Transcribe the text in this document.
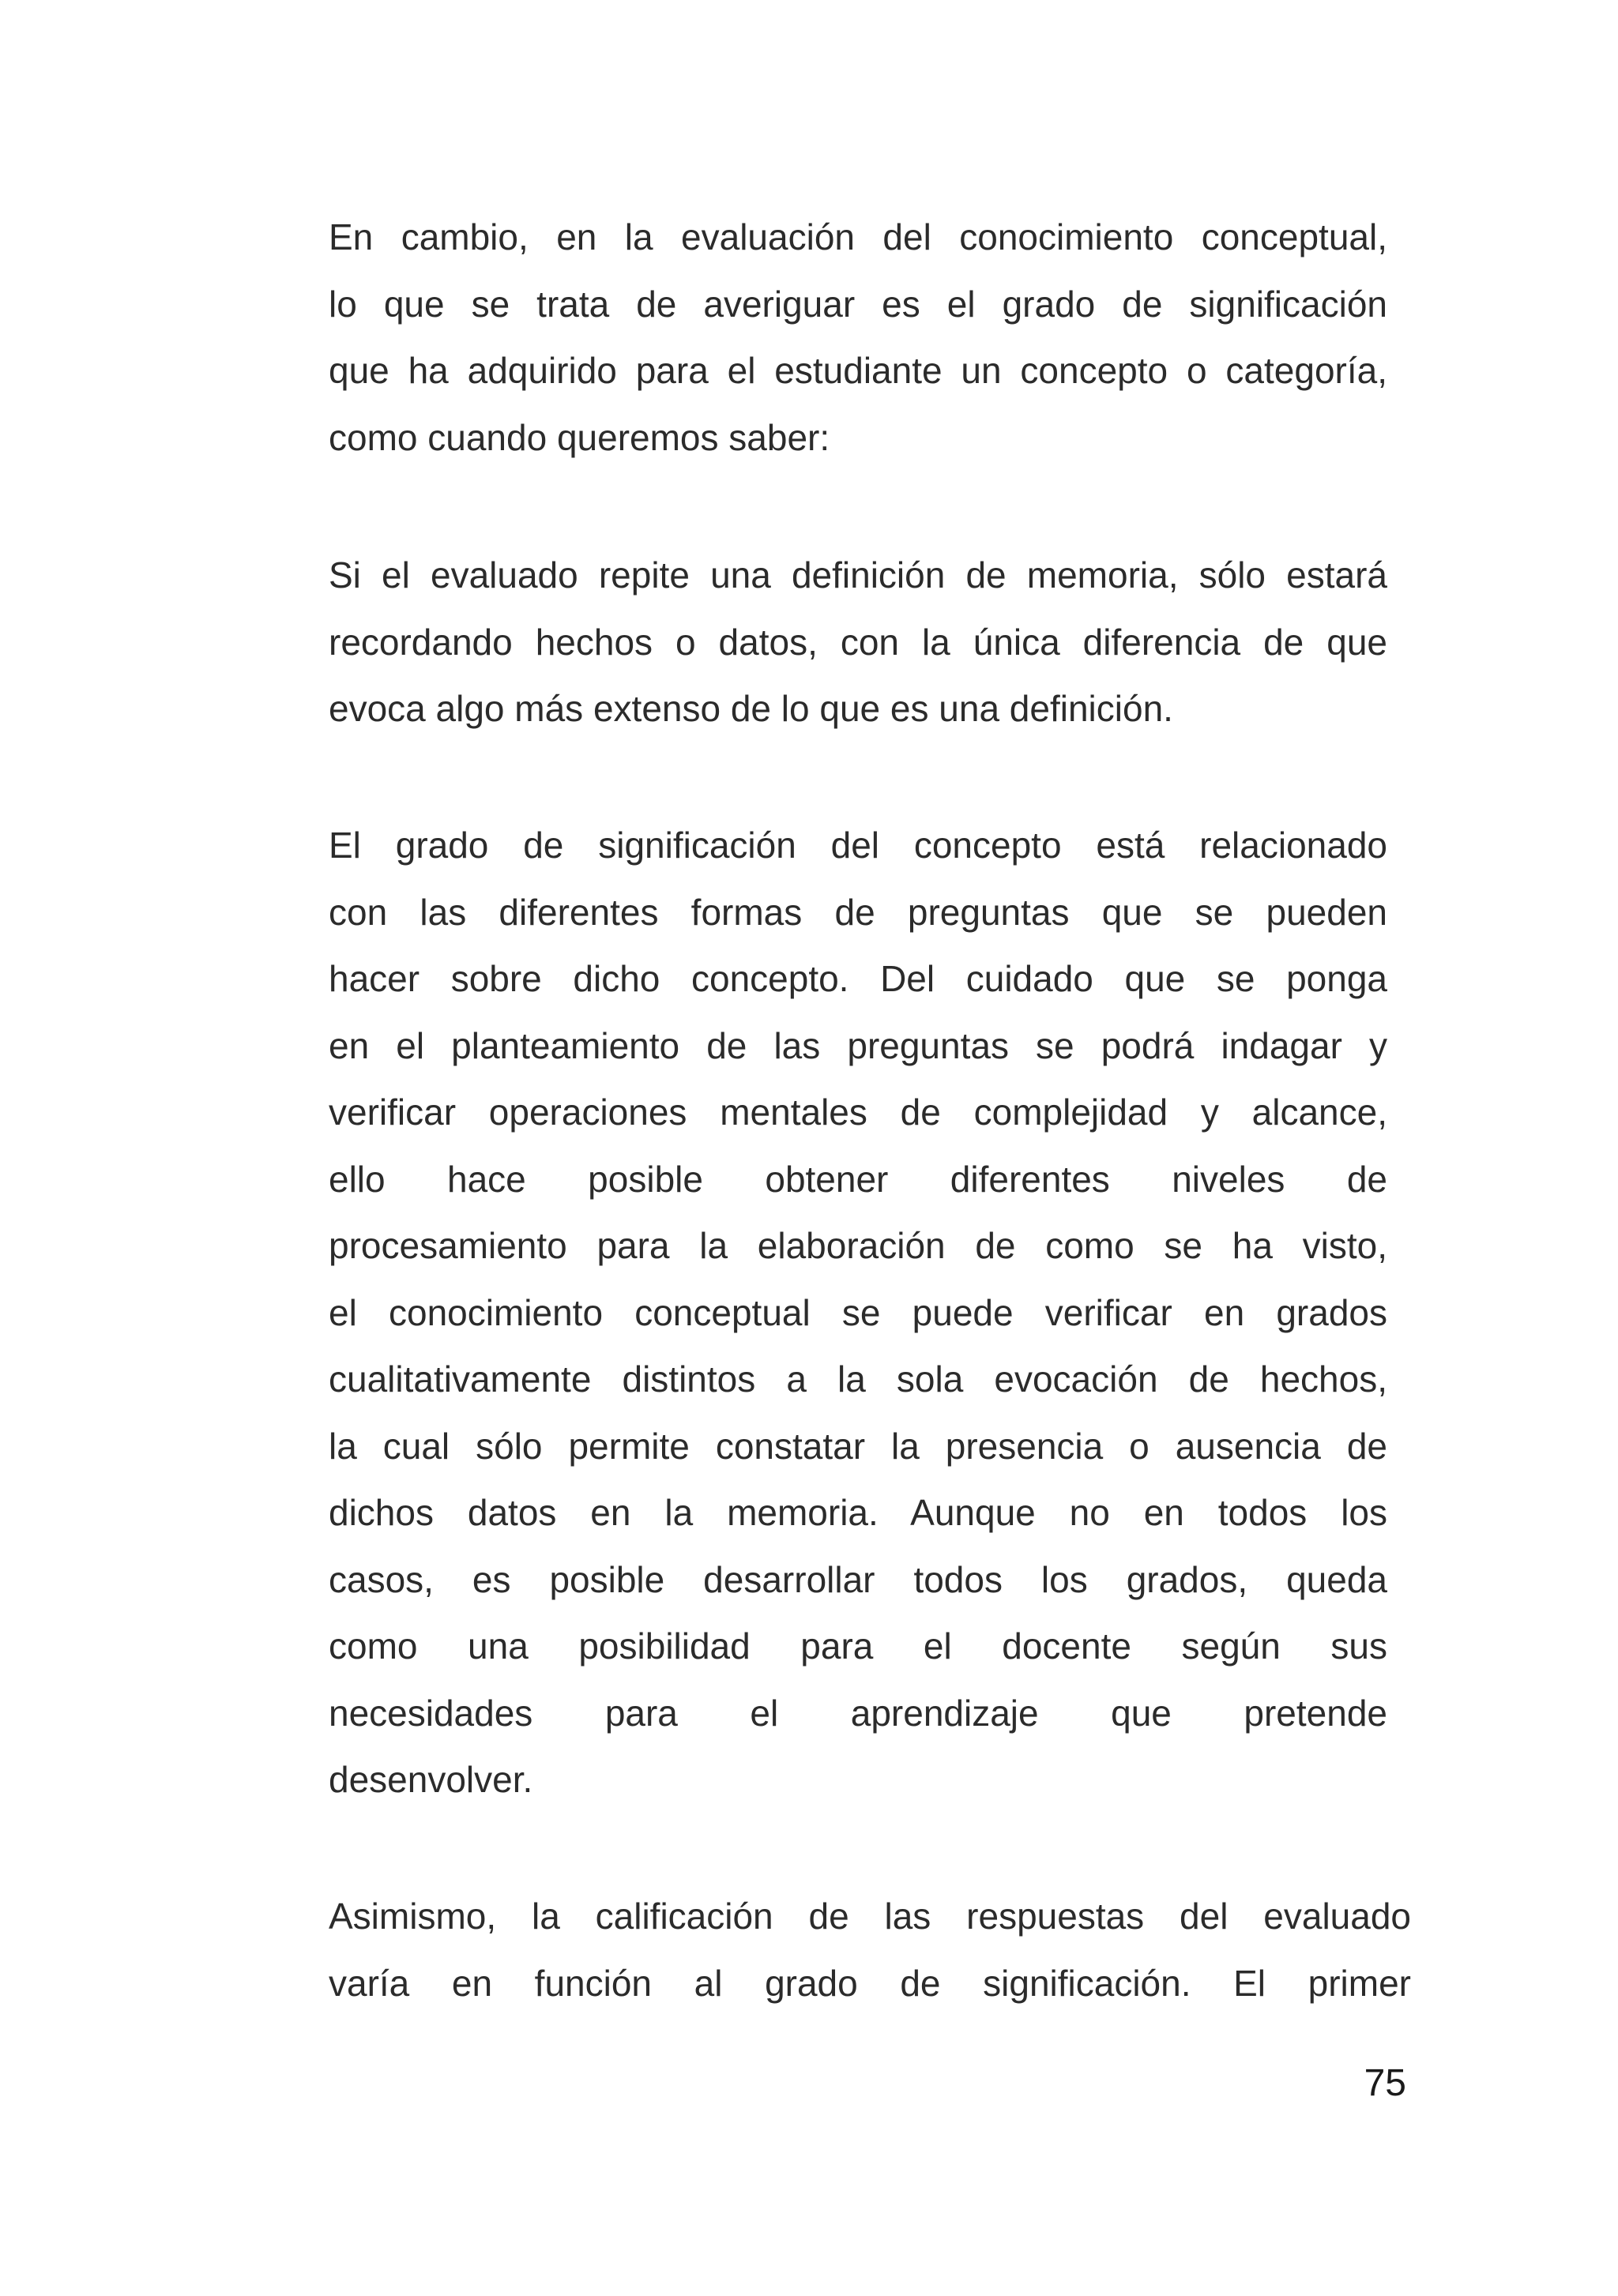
En cambio, en la evaluación del conocimiento conceptual,
lo que se trata de averiguar es el grado de significación
que ha adquirido para el estudiante un concepto o categoría,
como cuando queremos saber:
Si el evaluado repite una definición de memoria, sólo estará
recordando hechos o datos, con la única diferencia de que
evoca algo más extenso de lo que es una definición.
El grado de significación del concepto está relacionado
con las diferentes formas de preguntas que se pueden
hacer sobre dicho concepto. Del cuidado que se ponga
en el planteamiento de las preguntas se podrá indagar y
verificar operaciones mentales de complejidad y alcance,
ello hace posible obtener diferentes niveles de
procesamiento para la elaboración de como se ha visto,
el conocimiento conceptual se puede verificar en grados
cualitativamente distintos a la sola evocación de hechos,
la cual sólo permite constatar la presencia o ausencia de
dichos datos en la memoria. Aunque no en todos los
casos, es posible desarrollar todos los grados, queda
como una posibilidad para el docente según sus
necesidades para el aprendizaje que pretende
desenvolver.
Asimismo, la calificación de las respuestas del evaluado
varía en función al grado de significación. El primer
75
